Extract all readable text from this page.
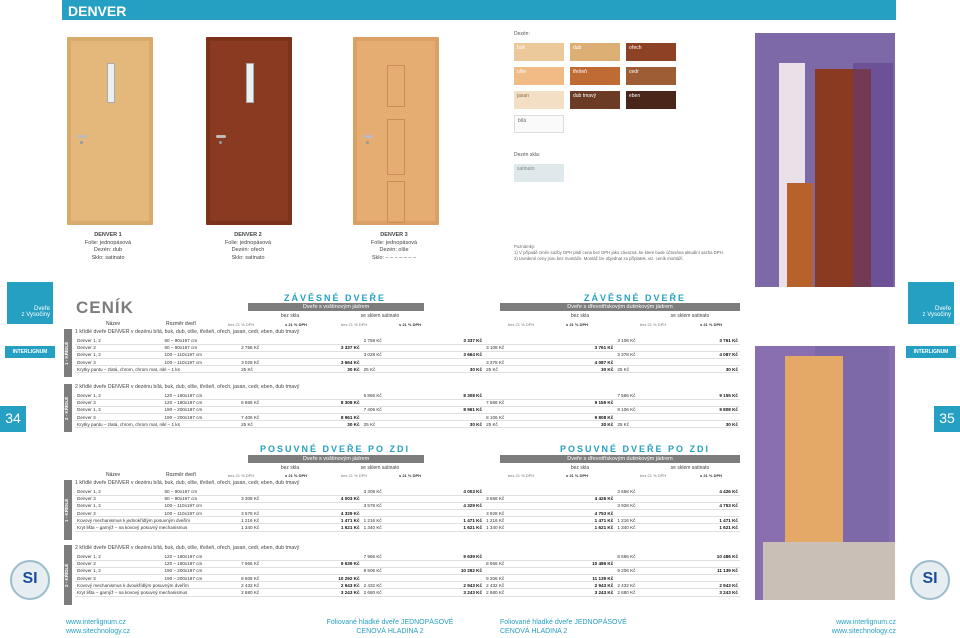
DENVER
DENVER 1
Folie: jednopásová
Dezén: dub
Sklo: satinato
DENVER 2
Folie: jednopásová
Dezén: ořech
Sklo: satinato
DENVER 3
Folie: jednopásová
Dezén: olše
Sklo: – – – – – – –
Dezén:
buk	dub	ořech
olše	třešeň	cedr
jasan	dub tmavý	eben
bílá
Dezén skla:
satinato
Poznámky:
1) V případě změn sazby DPH platí cena bez DPH jako závazná, ke které bude účtována aktuální sazba DPH.
2) Uvedené ceny jsou bez montáže. Montáž lze objednat za příplatek, viz. ceník montáží.
Dveře
z Vysočiny
INTERLIGNUM
34
SI
Dveře
z Vysočiny
INTERLIGNUM
35
SI
CENÍK	ZÁVĚSNÉ DVEŘE	ZÁVĚSNÉ DVEŘE
POSUVNÉ DVEŘE PO ZDI	POSUVNÉ DVEŘE PO ZDI
Dveře s voštinovým jádrem	Dveře s dřevotřískovým dutinkovým jádrem
bez skla	se sklem satinato	bez skla	se sklem satinato
Dveře s voštinovým jádrem	Dveře s dřevotřískovým dutinkovým jádrem
bez skla	se sklem satinato	bez skla	se sklem satinato
Název	Rozměr dveří	bez 21 % DPH	s 21 % DPH	bez 21 % DPH	s 21 % DPH	bez 21 % DPH	s 21 % DPH	bez 21 % DPH	s 21 % DPH
1 - KŘÍDLÉ
1 křídlé dveře DENVER v dezénu bílá, buk, dub, olše, třešeň, ořech, jasan, cedr, eben, dub tmavý
Denver 1, 2	60 – 90x197 cm			2 758 Kč	3 337 Kč			3 108 Kč	3 761 Kč
Denver 3	60 – 90x197 cm	2 758 Kč	3 337 Kč			3 108 Kč	3 761 Kč		
Denver 1, 2	100 – 110x197 cm			3 028 Kč	3 664 Kč			3 378 Kč	4 087 Kč
Denver 3	100 – 110x197 cm	3 028 Kč	3 664 Kč			3 378 Kč	4 087 Kč		
Krytky pantu – zlatá, chrom, chrom mat, nikl – 1 ks		25 Kč	30 Kč	25 Kč	30 Kč	25 Kč	30 Kč	25 Kč	30 Kč
2 - KŘÍDLÉ
2 křídlé dveře DENVER v dezénu bílá, buk, dub, olše, třešeň, ořech, jasan, cedr, eben, dub tmavý
Denver 1, 2	120 – 180x197 cm			6 866 Kč	8 308 Kč			7 566 Kč	9 155 Kč
Denver 3	120 – 180x197 cm	6 866 Kč	8 308 Kč			7 566 Kč	9 155 Kč		
Denver 1, 2	190 – 200x197 cm			7 406 Kč	8 961 Kč			8 106 Kč	9 808 Kč
Denver 3	190 – 200x197 cm	7 406 Kč	8 961 Kč			8 106 Kč	9 808 Kč		
Krytky pantu – zlatá, chrom, chrom mat, nikl – 1 ks		25 Kč	30 Kč	25 Kč	30 Kč	25 Kč	30 Kč	25 Kč	30 Kč
Název	Rozměr dveří	bez 21 % DPH	s 21 % DPH	bez 21 % DPH	s 21 % DPH	bez 21 % DPH	s 21 % DPH	bez 21 % DPH	s 21 % DPH
1 - KŘÍDLÉ
1 křídlé dveře DENVER v dezénu bílá, buk, dub, olše, třešeň, ořech, jasan, cedr, eben, dub tmavý
Denver 1, 2	60 – 90x197 cm			3 308 Kč	4 003 Kč			3 658 Kč	4 426 Kč
Denver 3	60 – 90x197 cm	3 308 Kč	4 003 Kč			3 658 Kč	4 426 Kč		
Denver 1, 2	100 – 110x197 cm			3 578 Kč	4 329 Kč			3 928 Kč	4 753 Kč
Denver 3	100 – 110x197 cm	3 578 Kč	4 329 Kč			3 928 Kč	4 753 Kč		
Kovový mechanismus k jednokřídlým posuvným dveřím		1 216 Kč	1 471 Kč	1 216 Kč	1 471 Kč	1 216 Kč	1 471 Kč	1 216 Kč	1 471 Kč
Kryt lišta – garnýž – na kovový posuvný mechanismus		1 340 Kč	1 621 Kč	1 340 Kč	1 621 Kč	1 340 Kč	1 621 Kč	1 340 Kč	1 621 Kč
2 - KŘÍDLÉ
2 křídlé dveře DENVER v dezénu bílá, buk, dub, olše, třešeň, ořech, jasan, cedr, eben, dub tmavý
Denver 1, 2	120 – 180x197 cm			7 966 Kč	9 639 Kč			8 666 Kč	10 486 Kč
Denver 3	120 – 180x197 cm	7 966 Kč	9 639 Kč			8 666 Kč	10 486 Kč		
Denver 1, 2	190 – 200x197 cm			8 506 Kč	10 292 Kč			9 206 Kč	11 139 Kč
Denver 3	190 – 200x197 cm	8 506 Kč	10 292 Kč			9 206 Kč	11 139 Kč		
Kovový mechanismus k dvoukřídlým posuvným dveřím		2 432 Kč	2 943 Kč	2 432 Kč	2 943 Kč	2 432 Kč	2 943 Kč	2 432 Kč	2 943 Kč
Kryt lišta – garnýž – na kovový posuvný mechanismus		2 680 Kč	3 243 Kč	2 680 Kč	3 243 Kč	2 680 Kč	3 243 Kč	2 680 Kč	3 243 Kč
www.interlignum.cz
www.sitechnology.cz
Foliované hladké dveře JEDNOPÁSOVÉ
CENOVÁ HLADINA 2
Foliované hladké dveře JEDNOPÁSOVÉ
CENOVÁ HLADINA 2
www.interlignum.cz
www.sitechnology.cz
